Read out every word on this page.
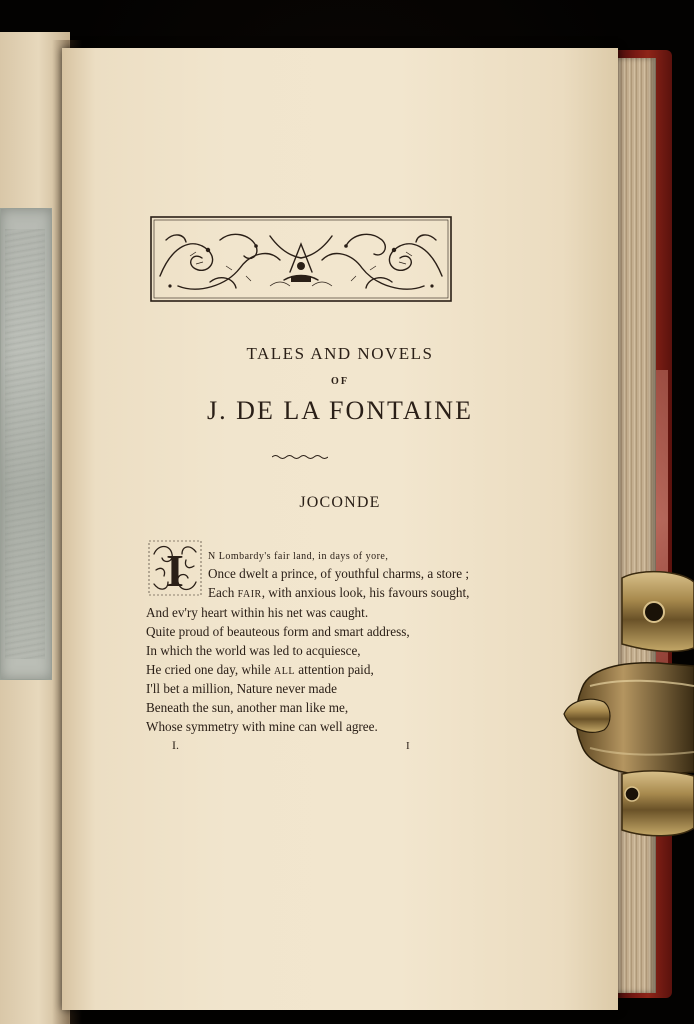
TALES AND NOVELS
OF
J. DE LA FONTAINE
JOCONDE
I N Lombardy's fair land, in days of yore,
Once dwelt a prince, of youthful charms, a store ;
Each FAIR, with anxious look, his favours sought,
And ev'ry heart within his net was caught.
Quite proud of beauteous form and smart address,
In which the world was led to acquiesce,
He cried one day, while ALL attention paid,
I'll bet a million, Nature never made
Beneath the sun, another man like me,
Whose symmetry with mine can well agree.
I.	I
